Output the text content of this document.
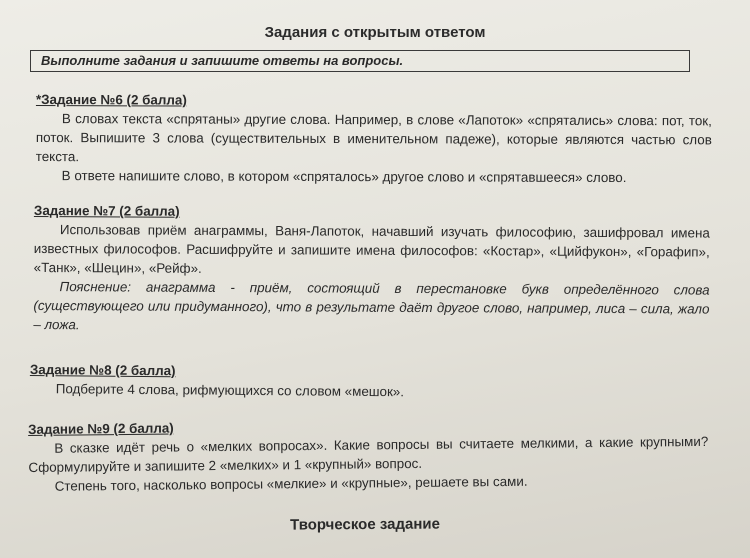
Задания с открытым ответом
Выполните задания и запишите ответы на вопросы.
*Задание №6 (2 балла)

В словах текста «спрятаны» другие слова. Например, в слове «Лапоток» «спрятались» слова: пот, ток, поток. Выпишите 3 слова (существительных в именительном падеже), которые являются частью слов текста.

В ответе напишите слово, в котором «спряталось» другое слово и «спрятавшееся» слово.

Задание №7 (2 балла)

Использовав приём анаграммы, Ваня-Лапоток, начавший изучать философию, зашифровал имена известных философов. Расшифруйте и запишите имена философов: «Костар», «Цийфукон», «Горафип», «Танк», «Шецин», «Рейф».

Пояснение: анаграмма - приём, состоящий в перестановке букв определённого слова (существующего или придуманного), что в результате даёт другое слово, например, лиса – сила, жало – ложа.

Задание №8 (2 балла)

Подберите 4 слова, рифмующихся со словом «мешок».

Задание №9 (2 балла)

В сказке идёт речь о «мелких вопросах». Какие вопросы вы считаете мелкими, а какие крупными? Сформулируйте и запишите 2 «мелких» и 1 «крупный» вопрос.

Степень того, насколько вопросы «мелкие» и «крупные», решаете вы сами.

Творческое задание
